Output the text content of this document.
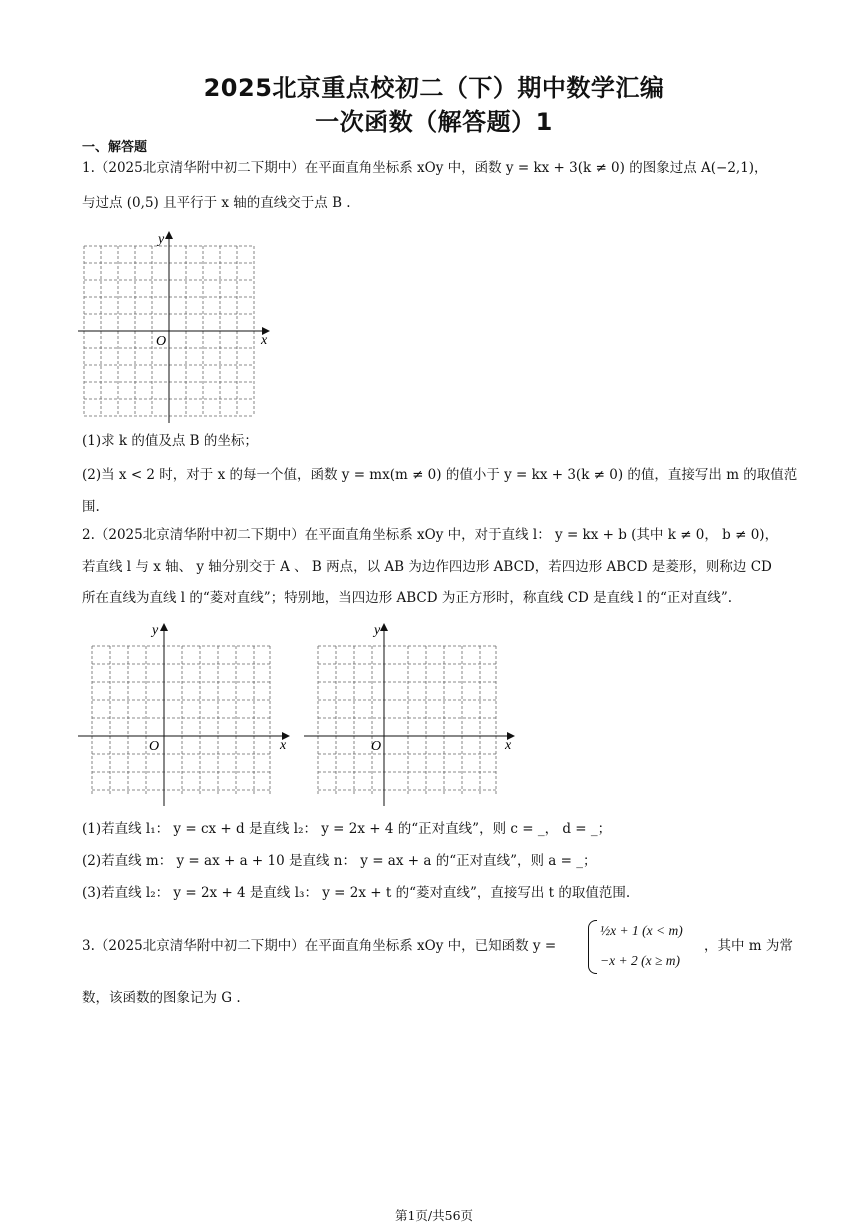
2025北京重点校初二（下）期中数学汇编
一次函数（解答题）1
一、解答题
1.（2025北京清华附中初二下期中）在平面直角坐标系 xOy 中，函数 y = kx + 3(k ≠ 0) 的图象过点 A(−2,1)，
与过点 (0,5) 且平行于 x 轴的直线交于点 B .
y
x
O
(1)求 k 的值及点 B 的坐标；
(2)当 x < 2 时，对于 x 的每一个值，函数 y = mx(m ≠ 0) 的值小于 y = kx + 3(k ≠ 0) 的值，直接写出 m 的取值范
围.
2.（2025北京清华附中初二下期中）在平面直角坐标系 xOy 中，对于直线 l： y = kx + b (其中 k ≠ 0， b ≠ 0)，
若直线 l 与 x 轴、 y 轴分别交于 A 、 B 两点，以 AB 为边作四边形 ABCD，若四边形 ABCD 是菱形，则称边 CD
所在直线为直线 l 的“菱对直线”；特别地，当四边形 ABCD 为正方形时，称直线 CD 是直线 l 的“正对直线”.
y
x
O
y
x
O
(1)若直线 l₁： y = cx + d 是直线 l₂： y = 2x + 4 的“正对直线”，则 c = _， d = _；
(2)若直线 m： y = ax + a + 10 是直线 n： y = ax + a 的“正对直线”，则 a = _；
(3)若直线 l₂： y = 2x + 4 是直线 l₃： y = 2x + t 的“菱对直线”，直接写出 t 的取值范围.
3.（2025北京清华附中初二下期中）在平面直角坐标系 xOy 中，已知函数 y =
½x + 1 (x < m)
−x + 2 (x ≥ m)
，其中 m 为常
数，该函数的图象记为 G .
第1页/共56页
